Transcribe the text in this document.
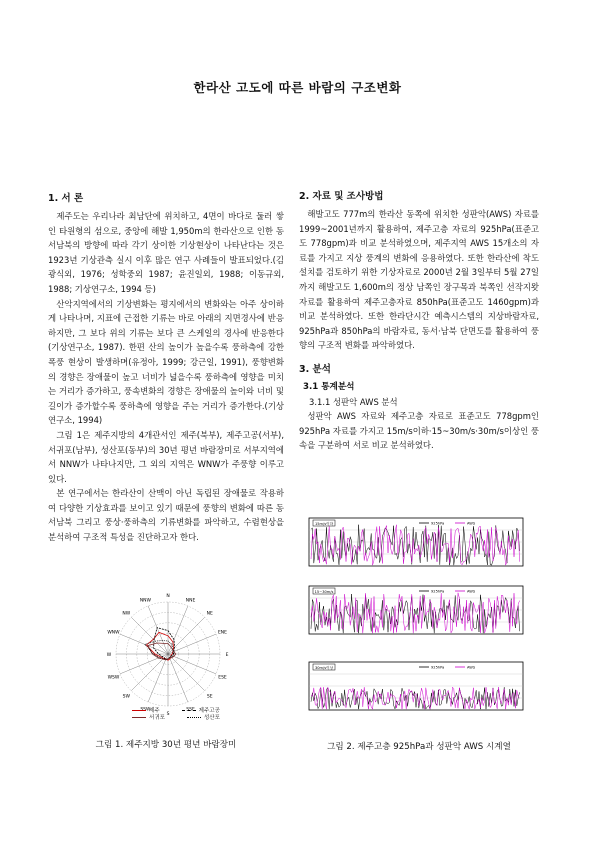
한라산 고도에 따른 바람의 구조변화
1. 서 론

제주도는 우리나라 최남단에 위치하고, 4면이 바다로 둘러 쌓인 타원형의 섬으로, 중앙에 해발 1,950m의 한라산으로 인한 동서남북의 방향에 따라 각기 상이한 기상현상이 나타난다는 것은 1923년 기상관측 실시 이후 많은 연구 사례들이 발표되었다.(김광식외, 1976; 성학중외 1987; 윤진일외, 1988; 이동규외, 1988; 기상연구소, 1994 등)

산악지역에서의 기상변화는 평지에서의 변화와는 아주 상이하게 나타나며, 지표에 근접한 기류는 바로 아래의 지면경사에 반응하지만, 그 보다 위의 기류는 보다 큰 스케일의 경사에 반응한다(기상연구소, 1987). 한편 산의 높이가 높을수록 풍하측에 강한 폭풍 현상이 발생하며(유정아, 1999; 강근일, 1991), 풍향변화의 경향은 장애물이 높고 너비가 넓을수록 풍하측에 영향을 미치는 거리가 증가하고, 풍속변화의 경향은 장애물의 높이와 너비 및 길이가 증가할수록 풍하측에 영향을 주는 거리가 증가한다.(기상연구소, 1994)

그림 1은 제주지방의 4개관서인 제주(북부), 제주고공(서부), 서귀포(남부), 성산포(동부)의 30년 평년 바람장미로 서부지역에서 NNW가 나타나지만, 그 외의 지역은 WNW가 주풍향 이루고 있다.

본 연구에서는 한라산이 산맥이 아닌 독립된 장애물로 작용하여 다양한 기상효과를 보이고 있기 때문에 풍향의 변화에 따른 동서남북 그리고 풍상·풍하측의 기류변화를 파악하고, 수렴현상을 분석하여 구조적 특성을 진단하고자 한다.

N
NNE
NE
ENE
E
ESE
SE
SSE
S
SSW
SW
WSW
W
WNW
NW
NNW
제주	제주고공
서귀포	성산포
그림 1. 제주지방 30년 평년 바람장미
2. 자료 및 조사방법

해발고도 777m의 한라산 동쪽에 위치한 성판악(AWS) 자료를 1999~2001년까지 활용하여, 제주고층 자료의 925hPa(표준고도 778gpm)과 비교 분석하였으며, 제주지역 AWS 15개소의 자료를 가지고 지상 풍계의 변화에 응용하였다. 또한 한라산에 착도 설치를 검토하기 위한 기상자료로 2000년 2월 3일부터 5월 27일까지 해발고도 1,600m의 정상 남쪽인 장구목과 북쪽인 선작지왓 자료를 활용하여 제주고층자료 850hPa(표준고도 1460gpm)과 비교 분석하였다. 또한 한라단시간 예측시스템의 지상바람자료, 925hPa과 850hPa의 바람자료, 동서·남북 단면도를 활용하여 풍향의 구조적 변화를 파악하였다.

3. 분석
3.1 통계분석
3.1.1 성판악 AWS 분석

성판악 AWS 자료와 제주고층 자료로 표준고도 778gpm인 925hPa 자료를 가지고 15m/s이하·15~30m/s·30m/s이상인 풍속을 구분하여 서로 비교 분석하였다.

15m/s이하	925hPa	AWS
15~30m/s	925hPa	AWS
30m/s이상	925hPa	AWS
그림 2. 제주고층 925hPa과 성판악 AWS 시계열
